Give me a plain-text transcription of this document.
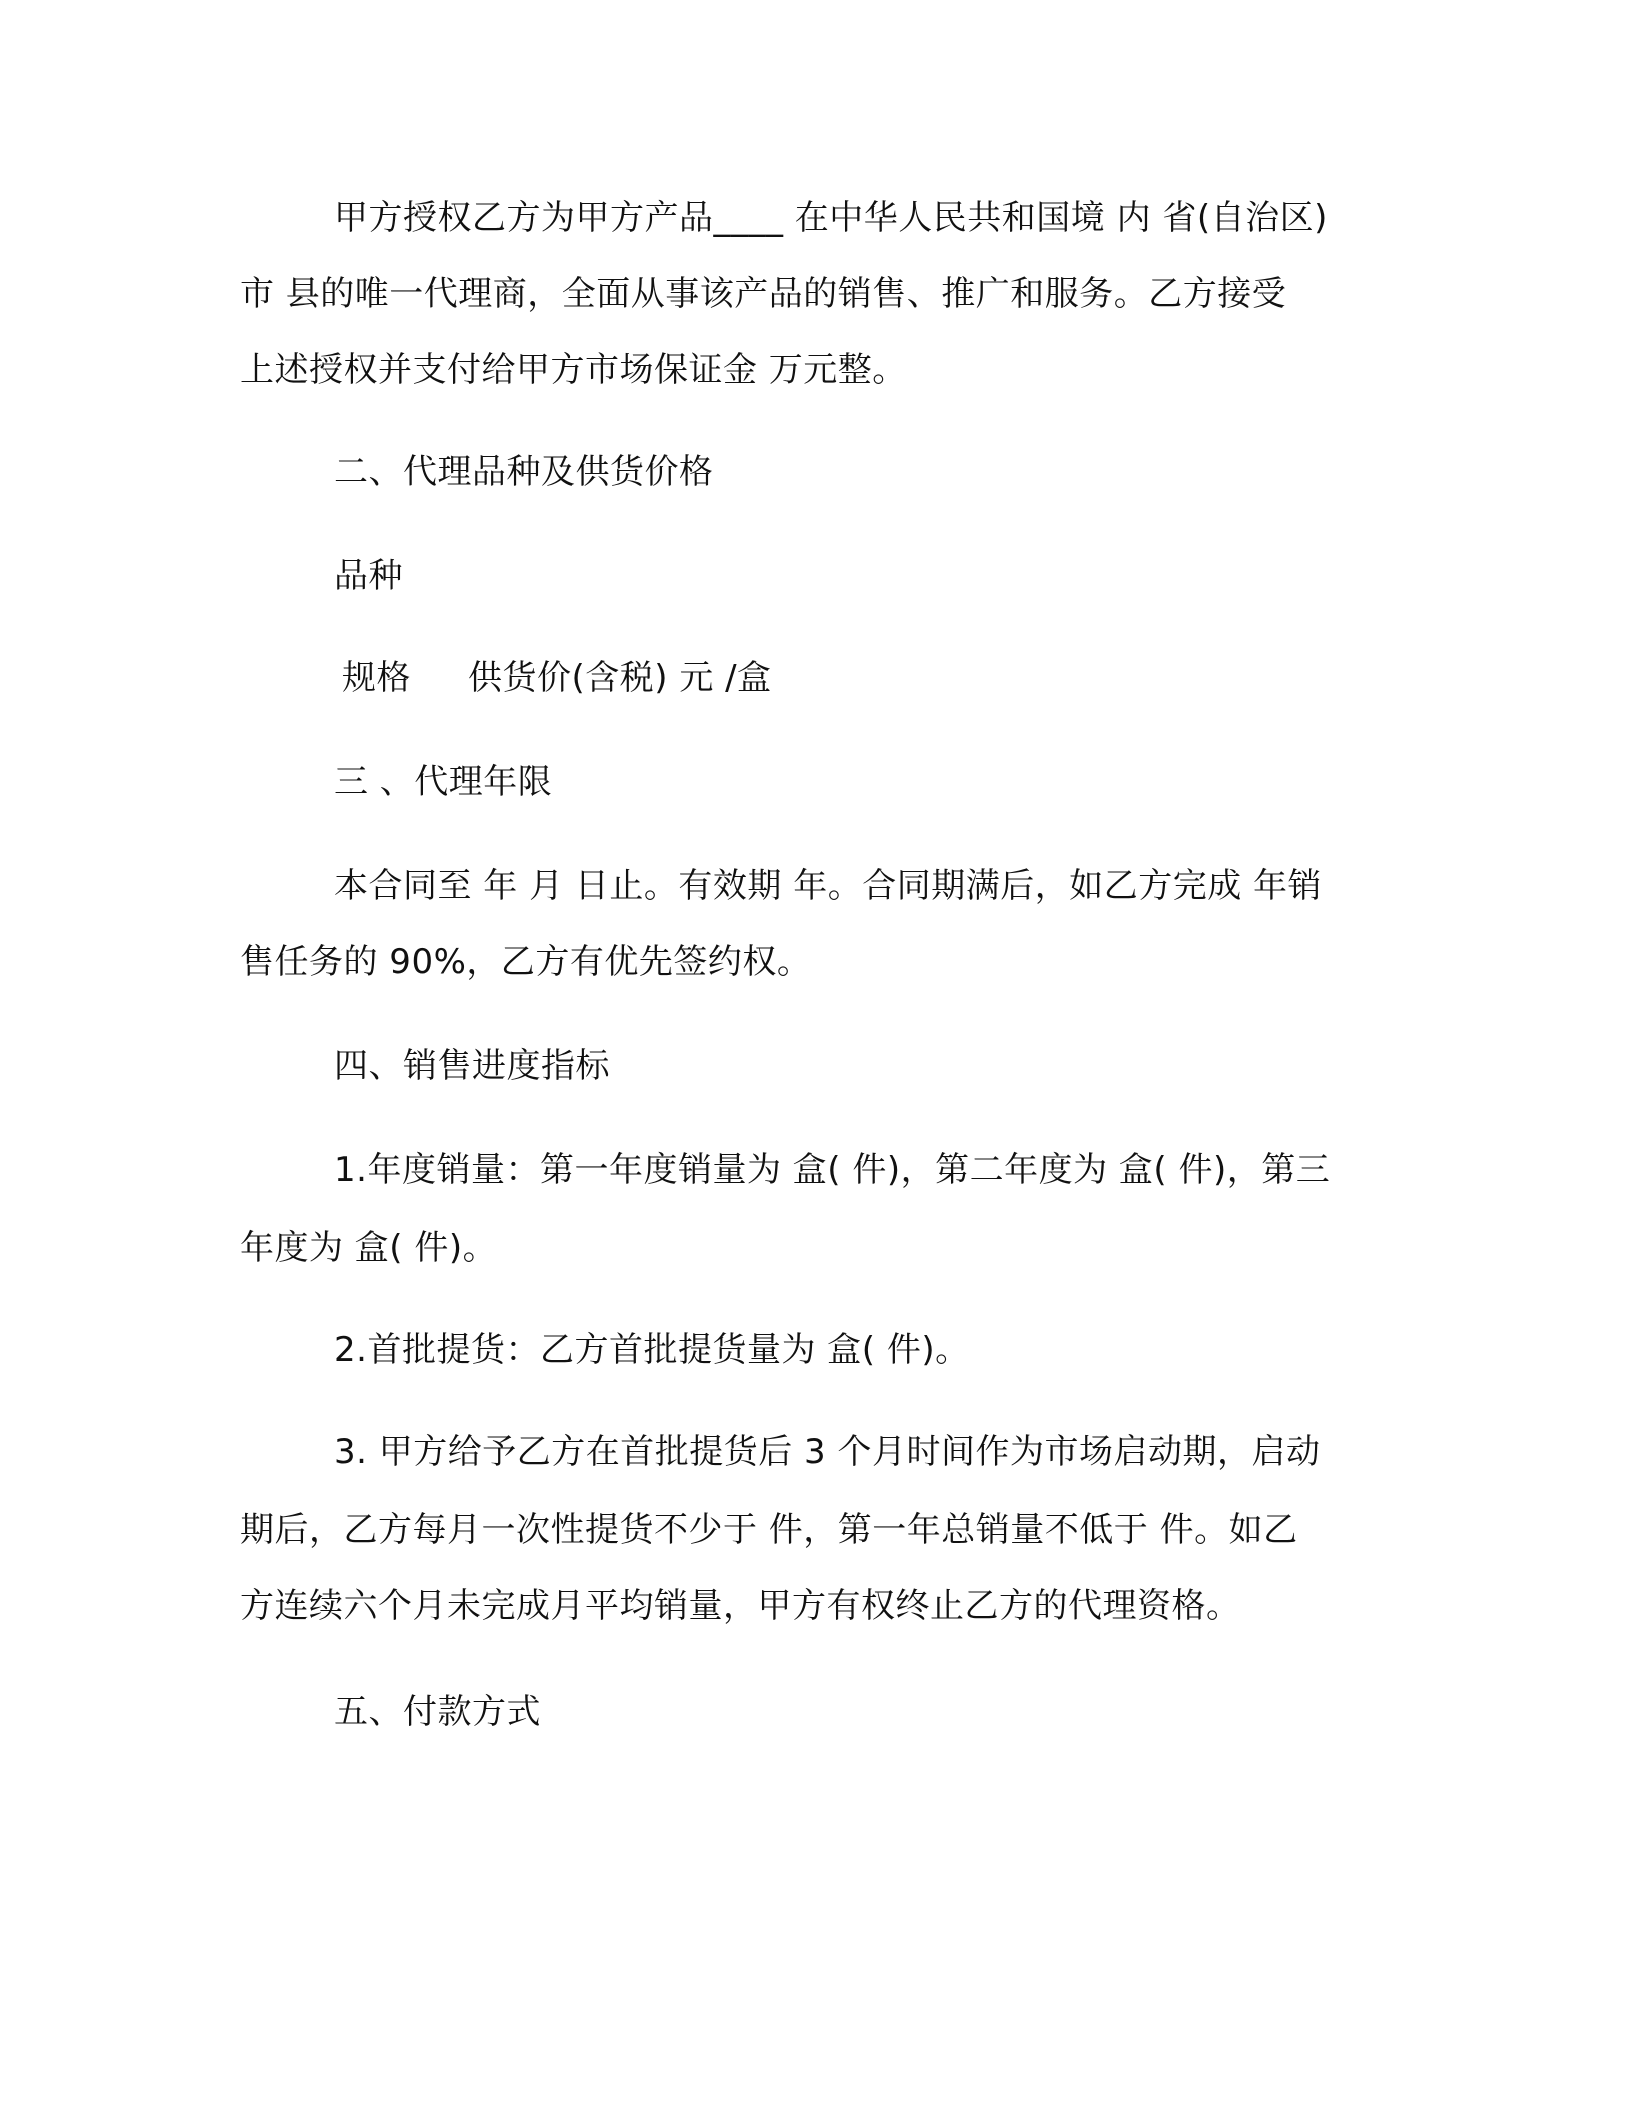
甲方授权乙方为甲方产品____ 在中华人民共和国境 内 省(自治区)
市 县的唯一代理商，全面从事该产品的销售、推广和服务。乙方接受
上述授权并支付给甲方市场保证金 万元整。
二、代理品种及供货价格
品种
规格 供货价(含税) 元 /盒
三 、代理年限
本合同至 年 月 日止。有效期 年。合同期满后，如乙方完成 年销
售任务的 90%，乙方有优先签约权。
四、销售进度指标
1.年度销量：第一年度销量为 盒( 件)，第二年度为 盒( 件)，第三
年度为 盒( 件)。
2.首批提货：乙方首批提货量为 盒( 件)。
3. 甲方给予乙方在首批提货后 3 个月时间作为市场启动期，启动
期后，乙方每月一次性提货不少于 件，第一年总销量不低于 件。如乙
方连续六个月未完成月平均销量，甲方有权终止乙方的代理资格。
五、付款方式
